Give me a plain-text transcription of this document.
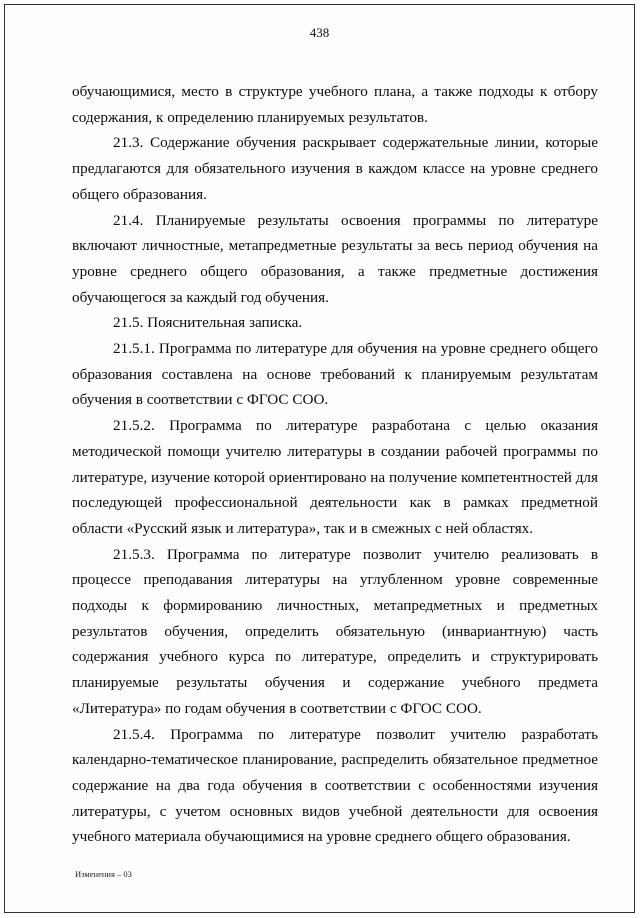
438

обучающимися, место в структуре учебного плана, а также подходы к отбору содержания, к определению планируемых результатов.

21.3. Содержание обучения раскрывает содержательные линии, которые предлагаются для обязательного изучения в каждом классе на уровне среднего общего образования.

21.4. Планируемые результаты освоения программы по литературе включают личностные, метапредметные результаты за весь период обучения на уровне среднего общего образования, а также предметные достижения обучающегося за каждый год обучения.

21.5. Пояснительная записка.

21.5.1. Программа по литературе для обучения на уровне среднего общего образования составлена на основе требований к планируемым результатам обучения в соответствии с ФГОС СОО.

21.5.2. Программа по литературе разработана с целью оказания методической помощи учителю литературы в создании рабочей программы по литературе, изучение которой ориентировано на получение компетентностей для последующей профессиональной деятельности как в рамках предметной области «Русский язык и литература», так и в смежных с ней областях.

21.5.3. Программа по литературе позволит учителю реализовать в процессе преподавания литературы на углубленном уровне современные подходы к формированию личностных, метапредметных и предметных результатов обучения, определить обязательную (инвариантную) часть содержания учебного курса по литературе, определить и структурировать планируемые результаты обучения и содержание учебного предмета «Литература» по годам обучения в соответствии с ФГОС СОО.

21.5.4. Программа по литературе позволит учителю разработать календарно-тематическое планирование, распределить обязательное предметное содержание на два года обучения в соответствии с особенностями изучения литературы, с учетом основных видов учебной деятельности для освоения учебного материала обучающимися на уровне среднего общего образования.

Изменения – 03
